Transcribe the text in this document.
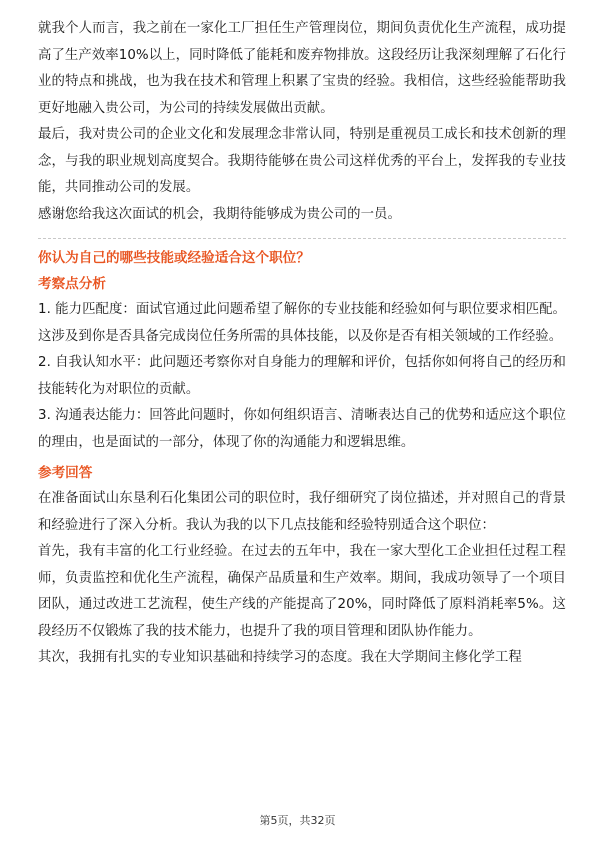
就我个人而言，我之前在一家化工厂担任生产管理岗位，期间负责优化生产流程，成功提高了生产效率10%以上，同时降低了能耗和废弃物排放。这段经历让我深刻理解了石化行业的特点和挑战，也为我在技术和管理上积累了宝贵的经验。我相信，这些经验能帮助我更好地融入贵公司，为公司的持续发展做出贡献。

最后，我对贵公司的企业文化和发展理念非常认同，特别是重视员工成长和技术创新的理念，与我的职业规划高度契合。我期待能够在贵公司这样优秀的平台上，发挥我的专业技能，共同推动公司的发展。

感谢您给我这次面试的机会，我期待能够成为贵公司的一员。

你认为自己的哪些技能或经验适合这个职位？
考察点分析

1. 能力匹配度：面试官通过此问题希望了解你的专业技能和经验如何与职位要求相匹配。这涉及到你是否具备完成岗位任务所需的具体技能，以及你是否有相关领域的工作经验。

2. 自我认知水平：此问题还考察你对自身能力的理解和评价，包括你如何将自己的经历和技能转化为对职位的贡献。

3. 沟通表达能力：回答此问题时，你如何组织语言、清晰表达自己的优势和适应这个职位的理由，也是面试的一部分，体现了你的沟通能力和逻辑思维。

参考回答

在准备面试山东垦利石化集团公司的职位时，我仔细研究了岗位描述，并对照自己的背景和经验进行了深入分析。我认为我的以下几点技能和经验特别适合这个职位：

首先，我有丰富的化工行业经验。在过去的五年中，我在一家大型化工企业担任过程工程师，负责监控和优化生产流程，确保产品质量和生产效率。期间，我成功领导了一个项目团队，通过改进工艺流程，使生产线的产能提高了20%，同时降低了原料消耗率5%。这段经历不仅锻炼了我的技术能力，也提升了我的项目管理和团队协作能力。

其次，我拥有扎实的专业知识基础和持续学习的态度。我在大学期间主修化学工程

第5页，共32页
